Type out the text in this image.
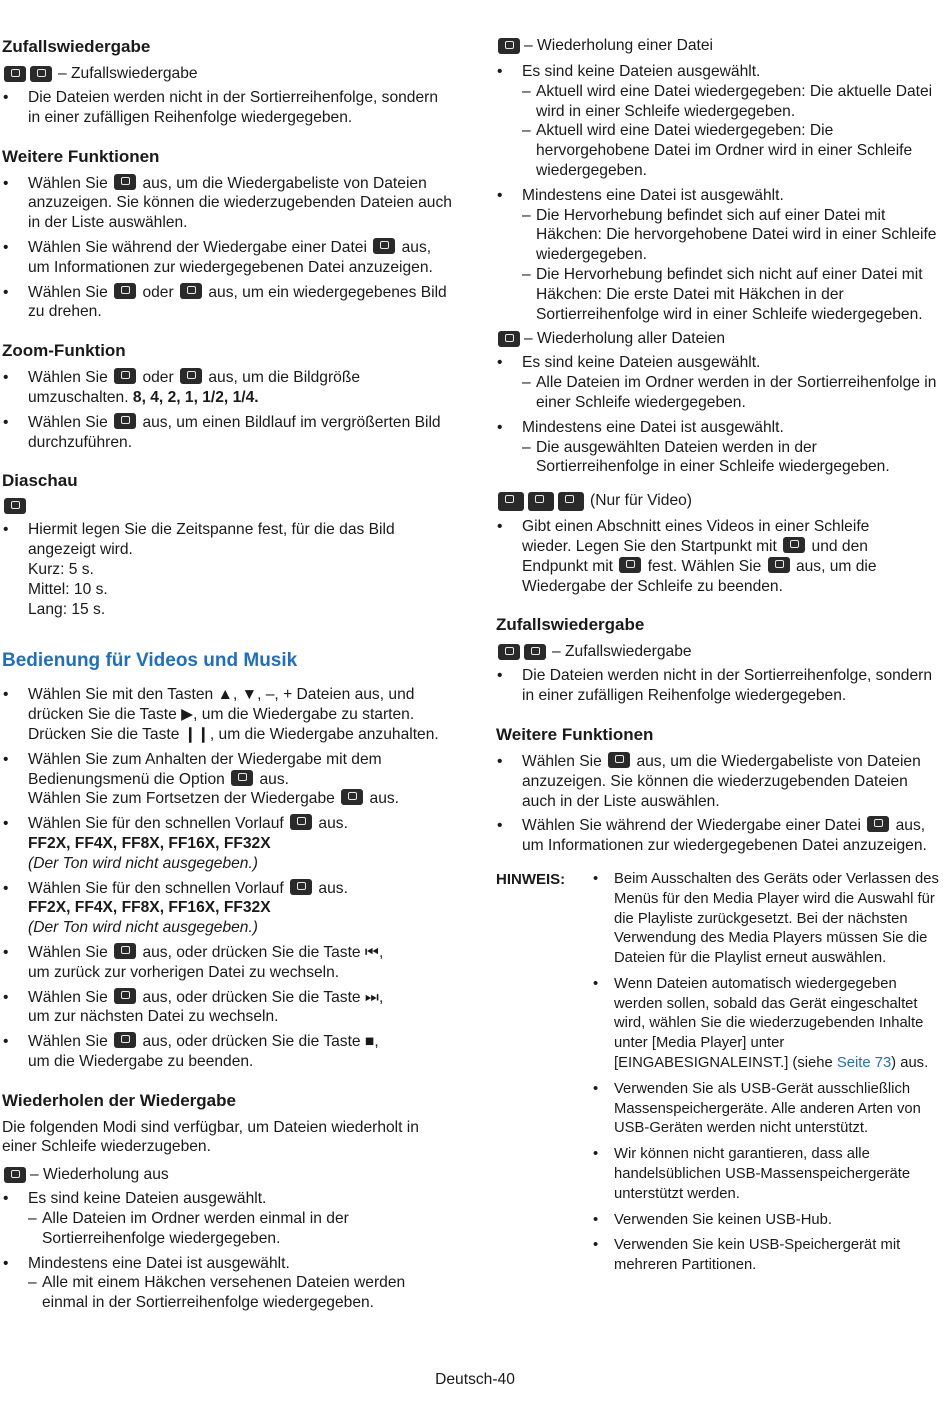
Zufallswiedergabe
– Zufallswiedergabe
• Die Dateien werden nicht in der Sortierreihenfolge, sondern in einer zufälligen Reihenfolge wiedergegeben.
Weitere Funktionen
• Wählen Sie aus, um die Wiedergabeliste von Dateien anzuzeigen. Sie können die wiederzugebenden Dateien auch in der Liste auswählen.
• Wählen Sie während der Wiedergabe einer Datei aus, um Informationen zur wiedergegebenen Datei anzuzeigen.
• Wählen Sie oder aus, um ein wiedergegebenes Bild zu drehen.
Zoom-Funktion
• Wählen Sie oder aus, um die Bildgröße umzuschalten. 8, 4, 2, 1, 1/2, 1/4.
• Wählen Sie aus, um einen Bildlauf im vergrößerten Bild durchzuführen.
Diaschau
• Hiermit legen Sie die Zeitspanne fest, für die das Bild angezeigt wird.
Kurz: 5 s.
Mittel: 10 s.
Lang: 15 s.
Bedienung für Videos und Musik
• Wählen Sie mit den Tasten ▲, ▼, –, + Dateien aus, und
drücken Sie die Taste ▶, um die Wiedergabe zu starten.
Drücken Sie die Taste ❙❙, um die Wiedergabe anzuhalten.
• Wählen Sie zum Anhalten der Wiedergabe mit dem
Bedienungsmenü die Option aus.
Wählen Sie zum Fortsetzen der Wiedergabe aus.
• Wählen Sie für den schnellen Vorlauf aus.
FF2X, FF4X, FF8X, FF16X, FF32X
(Der Ton wird nicht ausgegeben.)
• Wählen Sie für den schnellen Vorlauf aus.
FF2X, FF4X, FF8X, FF16X, FF32X
(Der Ton wird nicht ausgegeben.)
• Wählen Sie aus, oder drücken Sie die Taste ⏮,
um zurück zur vorherigen Datei zu wechseln.
• Wählen Sie aus, oder drücken Sie die Taste ⏭,
um zur nächsten Datei zu wechseln.
• Wählen Sie aus, oder drücken Sie die Taste ■,
um die Wiedergabe zu beenden.
Wiederholen der Wiedergabe

Die folgenden Modi sind verfügbar, um Dateien wiederholt in einer Schleife wiederzugeben.

– Wiederholung aus
• Es sind keine Dateien ausgewählt.
– Alle Dateien im Ordner werden einmal in der Sortierreihenfolge wiedergegeben.
• Mindestens eine Datei ist ausgewählt.
– Alle mit einem Häkchen versehenen Dateien werden einmal in der Sortierreihenfolge wiedergegeben.
– Wiederholung einer Datei
• Es sind keine Dateien ausgewählt.
– Aktuell wird eine Datei wiedergegeben: Die aktuelle Datei wird in einer Schleife wiedergegeben.
– Aktuell wird eine Datei wiedergegeben: Die hervorgehobene Datei im Ordner wird in einer Schleife wiedergegeben.
• Mindestens eine Datei ist ausgewählt.
– Die Hervorhebung befindet sich auf einer Datei mit Häkchen: Die hervorgehobene Datei wird in einer Schleife wiedergegeben.
– Die Hervorhebung befindet sich nicht auf einer Datei mit Häkchen: Die erste Datei mit Häkchen in der Sortierreihenfolge wird in einer Schleife wiedergegeben.
– Wiederholung aller Dateien
• Es sind keine Dateien ausgewählt.
– Alle Dateien im Ordner werden in der Sortierreihenfolge in einer Schleife wiedergegeben.
• Mindestens eine Datei ist ausgewählt.
– Die ausgewählten Dateien werden in der Sortierreihenfolge in einer Schleife wiedergegeben.
(Nur für Video)
• Gibt einen Abschnitt eines Videos in einer Schleife
wieder. Legen Sie den Startpunkt mit und den
Endpunkt mit fest. Wählen Sie aus, um die
Wiedergabe der Schleife zu beenden.
Zufallswiedergabe
– Zufallswiedergabe
• Die Dateien werden nicht in der Sortierreihenfolge, sondern in einer zufälligen Reihenfolge wiedergegeben.
Weitere Funktionen
• Wählen Sie aus, um die Wiedergabeliste von Dateien anzuzeigen. Sie können die wiederzugebenden Dateien auch in der Liste auswählen.
• Wählen Sie während der Wiedergabe einer Datei aus, um Informationen zur wiedergegebenen Datei anzuzeigen.
HINWEIS:
•	Beim Ausschalten des Geräts oder Verlassen des Menüs für den Media Player wird die Auswahl für die Playliste zurückgesetzt. Bei der nächsten Verwendung des Media Players müssen Sie die Dateien für die Playlist erneut auswählen.
• Wenn Dateien automatisch wiedergegeben werden sollen, sobald das Gerät eingeschaltet wird, wählen Sie die wiederzugebenden Inhalte unter [Media Player] unter [EINGABESIGNALEINST.] (siehe Seite 73) aus.
• Verwenden Sie als USB-Gerät ausschließlich Massenspeichergeräte. Alle anderen Arten von USB-Geräten werden nicht unterstützt.
• Wir können nicht garantieren, dass alle handelsüblichen USB-Massenspeichergeräte unterstützt werden.
• Verwenden Sie keinen USB-Hub.
• Verwenden Sie kein USB-Speichergerät mit mehreren Partitionen.
Deutsch-40
